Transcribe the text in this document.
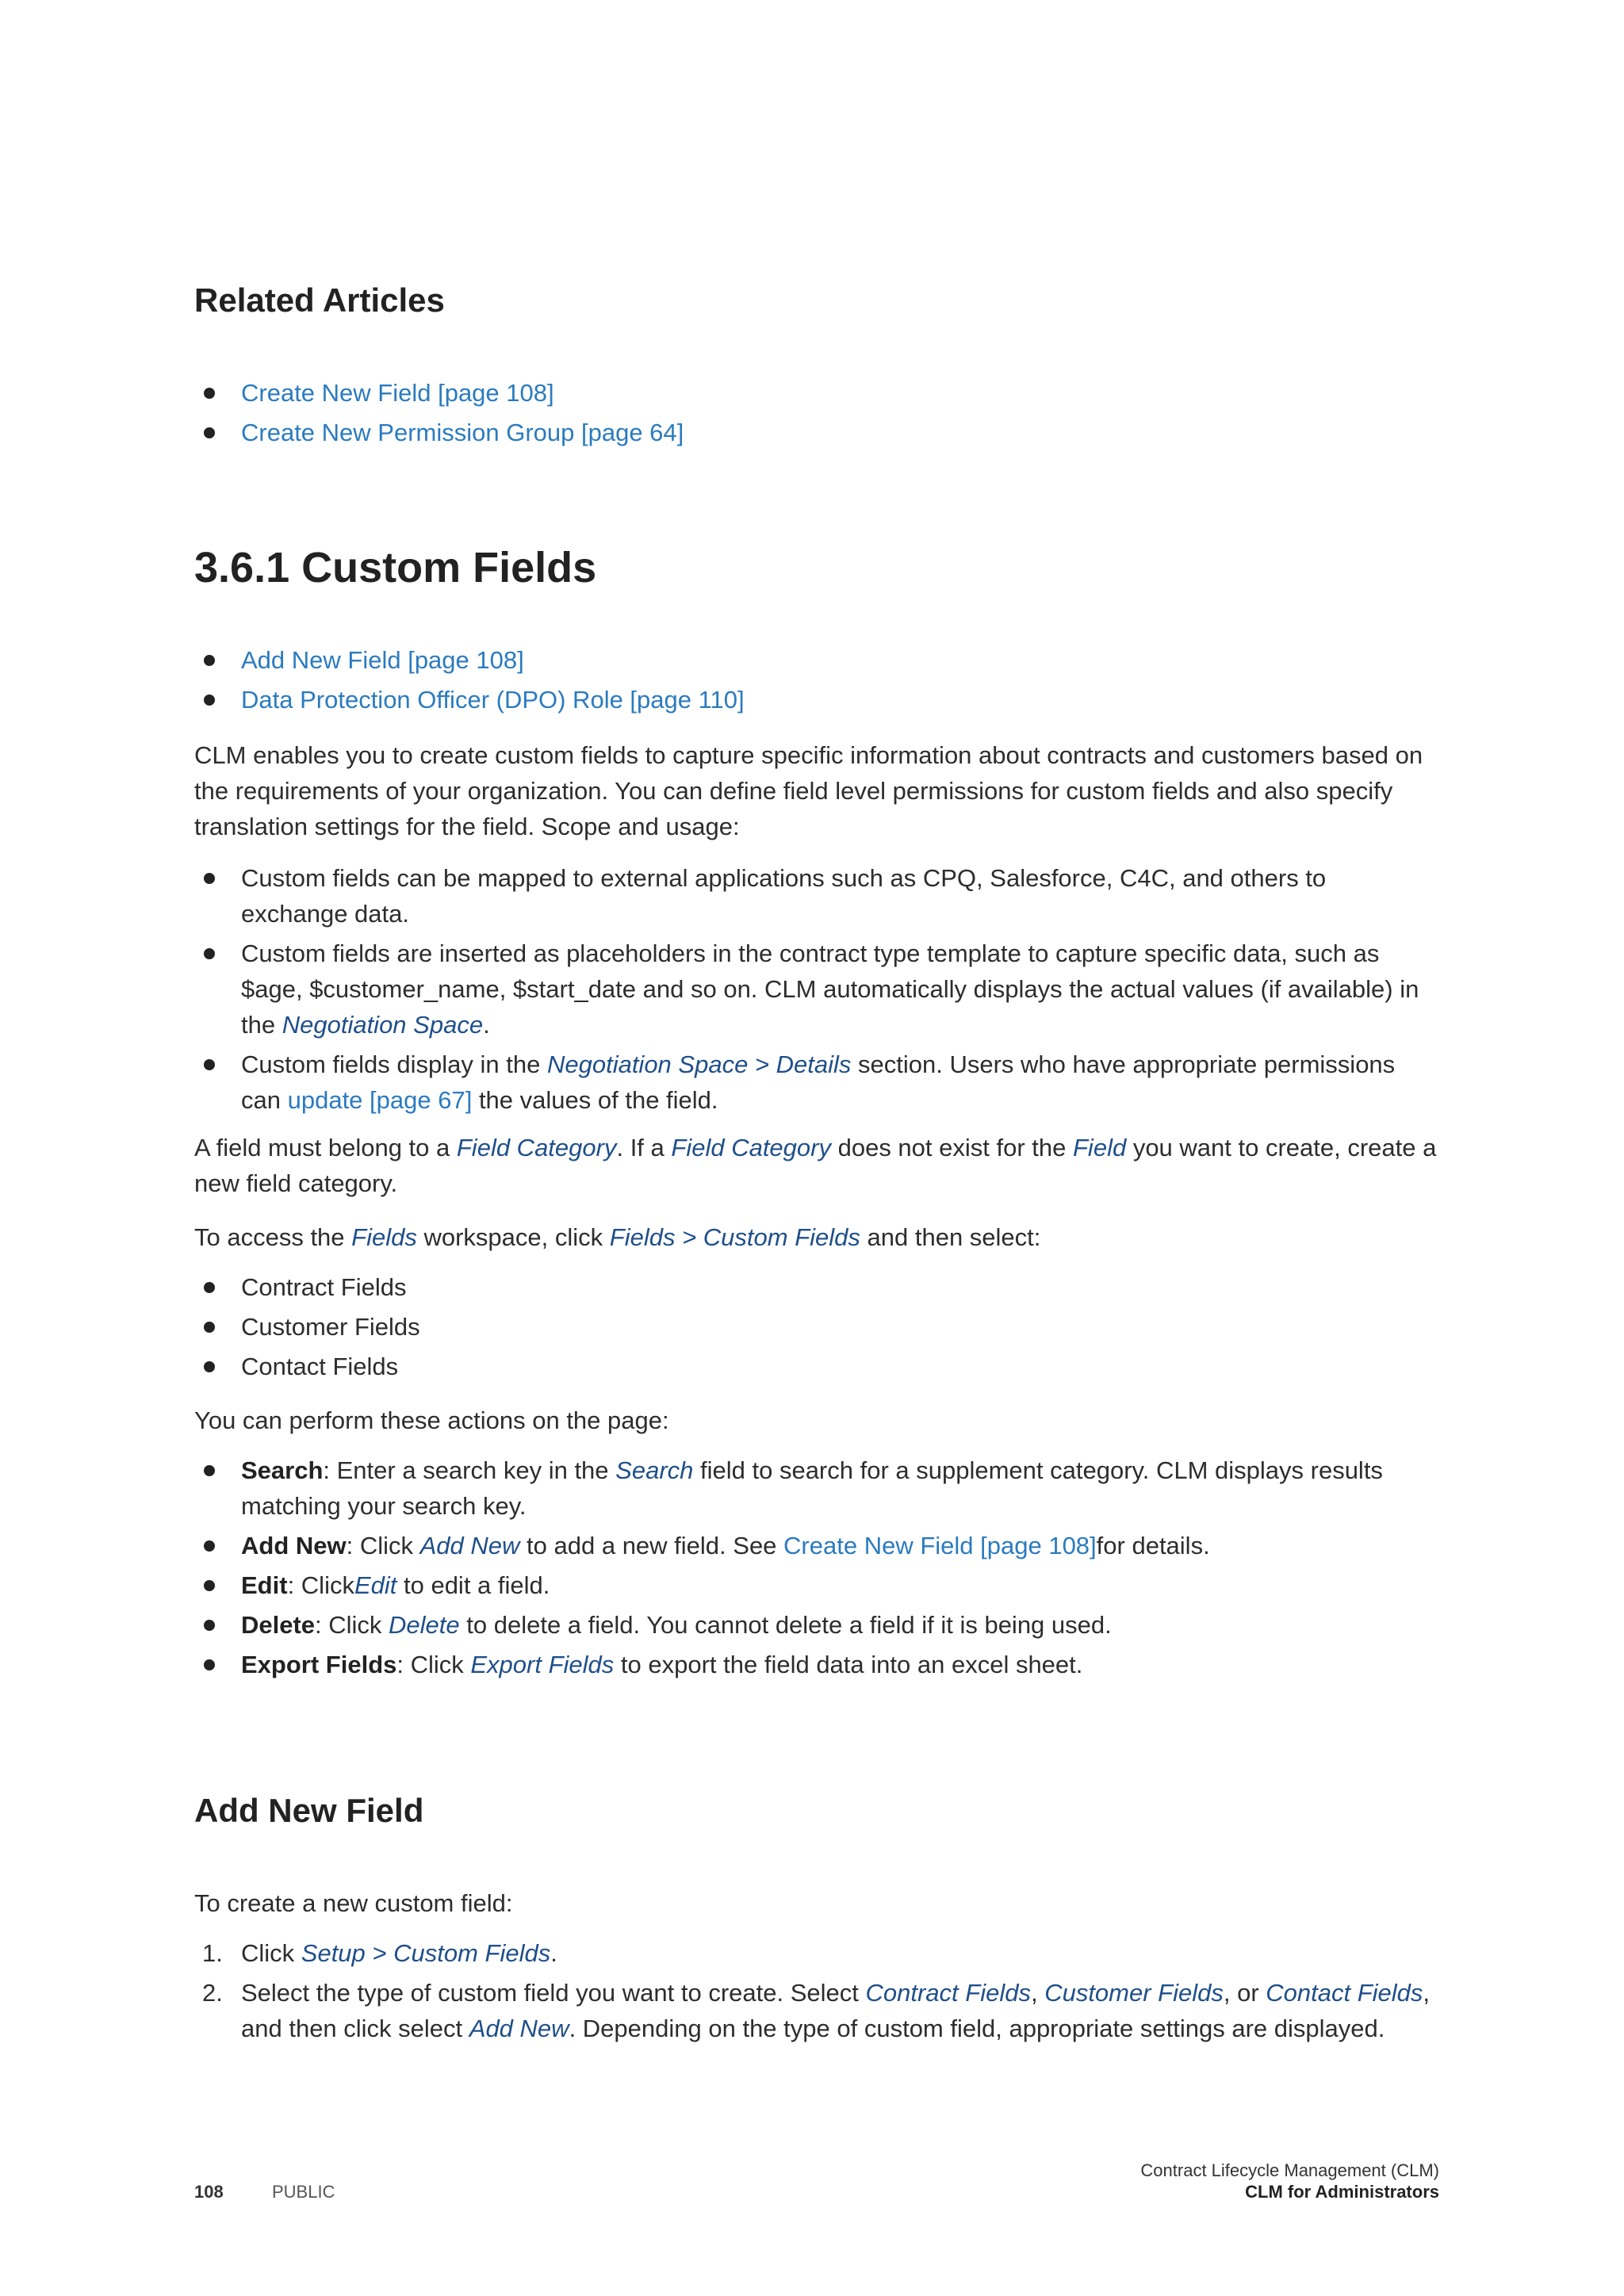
Related Articles
Create New Field [page 108]
Create New Permission Group [page 64]
3.6.1 Custom Fields
Add New Field [page 108]
Data Protection Officer (DPO) Role [page 110]

CLM enables you to create custom fields to capture specific information about contracts and customers based on the requirements of your organization. You can define field level permissions for custom fields and also specify translation settings for the field. Scope and usage:

Custom fields can be mapped to external applications such as CPQ, Salesforce, C4C, and others to exchange data.
Custom fields are inserted as placeholders in the contract type template to capture specific data, such as $age, $customer_name, $start_date and so on. CLM automatically displays the actual values (if available) in the Negotiation Space.
Custom fields display in the Negotiation Space > Details section. Users who have appropriate permissions can update [page 67] the values of the field.

A field must belong to a Field Category. If a Field Category does not exist for the Field you want to create, create a new field category.

To access the Fields workspace, click Fields > Custom Fields and then select:

Contract Fields
Customer Fields
Contact Fields

You can perform these actions on the page:

Search: Enter a search key in the Search field to search for a supplement category. CLM displays results matching your search key.
Add New: Click Add New to add a new field. See Create New Field [page 108]for details.
Edit: ClickEdit to edit a field.
Delete: Click Delete to delete a field. You cannot delete a field if it is being used.
Export Fields: Click Export Fields to export the field data into an excel sheet.
Add New Field

To create a new custom field:

1. Click Setup > Custom Fields.
2. Select the type of custom field you want to create. Select Contract Fields, Customer Fields, or Contact Fields, and then click select Add New. Depending on the type of custom field, appropriate settings are displayed.
108	PUBLIC
Contract Lifecycle Management (CLM)
CLM for Administrators
